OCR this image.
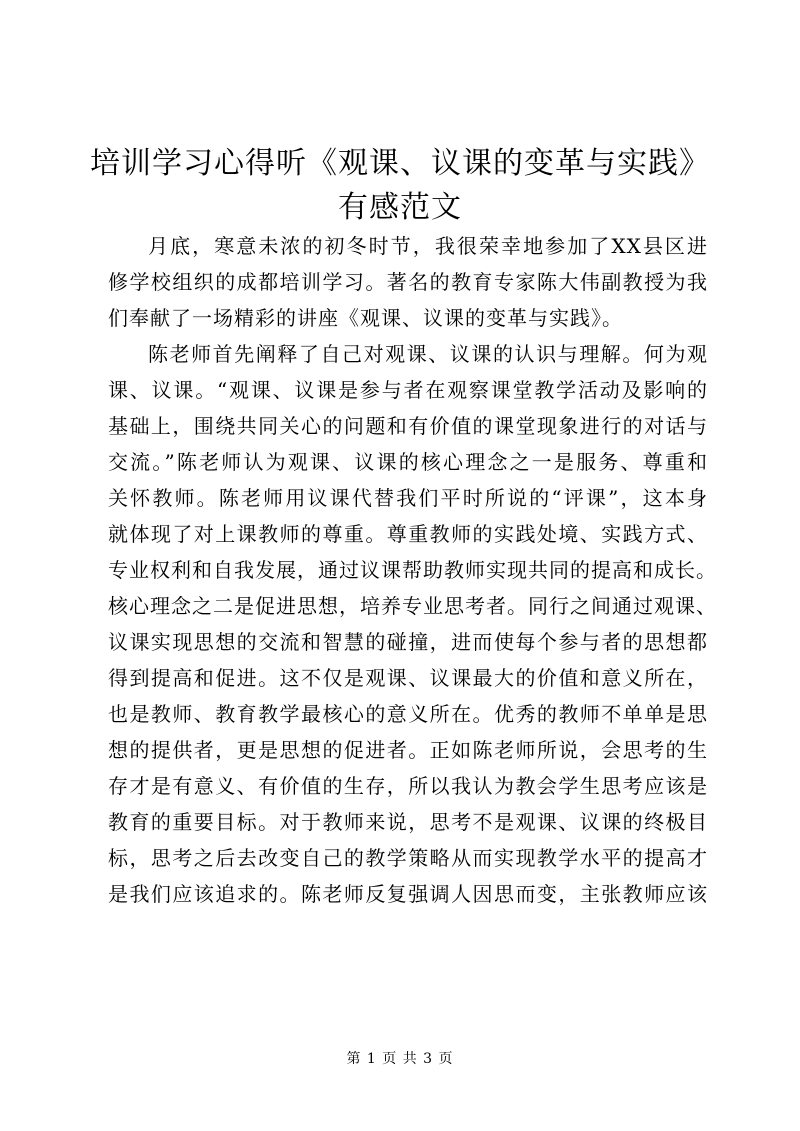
培训学习心得听《观课、议课的变革与实践》
有感范文
月底，寒意未浓的初冬时节，我很荣幸地参加了XX县区进
修学校组织的成都培训学习。著名的教育专家陈大伟副教授为我
们奉献了一场精彩的讲座《观课、议课的变革与实践》。
陈老师首先阐释了自己对观课、议课的认识与理解。何为观
课、议课。“观课、议课是参与者在观察课堂教学活动及影响的
基础上，围绕共同关心的问题和有价值的课堂现象进行的对话与
交流。”陈老师认为观课、议课的核心理念之一是服务、尊重和
关怀教师。陈老师用议课代替我们平时所说的“评课”，这本身
就体现了对上课教师的尊重。尊重教师的实践处境、实践方式、
专业权利和自我发展，通过议课帮助教师实现共同的提高和成长。
核心理念之二是促进思想，培养专业思考者。同行之间通过观课、
议课实现思想的交流和智慧的碰撞，进而使每个参与者的思想都
得到提高和促进。这不仅是观课、议课最大的价值和意义所在，
也是教师、教育教学最核心的意义所在。优秀的教师不单单是思
想的提供者，更是思想的促进者。正如陈老师所说，会思考的生
存才是有意义、有价值的生存，所以我认为教会学生思考应该是
教育的重要目标。对于教师来说，思考不是观课、议课的终极目
标，思考之后去改变自己的教学策略从而实现教学水平的提高才
是我们应该追求的。陈老师反复强调人因思而变，主张教师应该
第 1 页 共 3 页
